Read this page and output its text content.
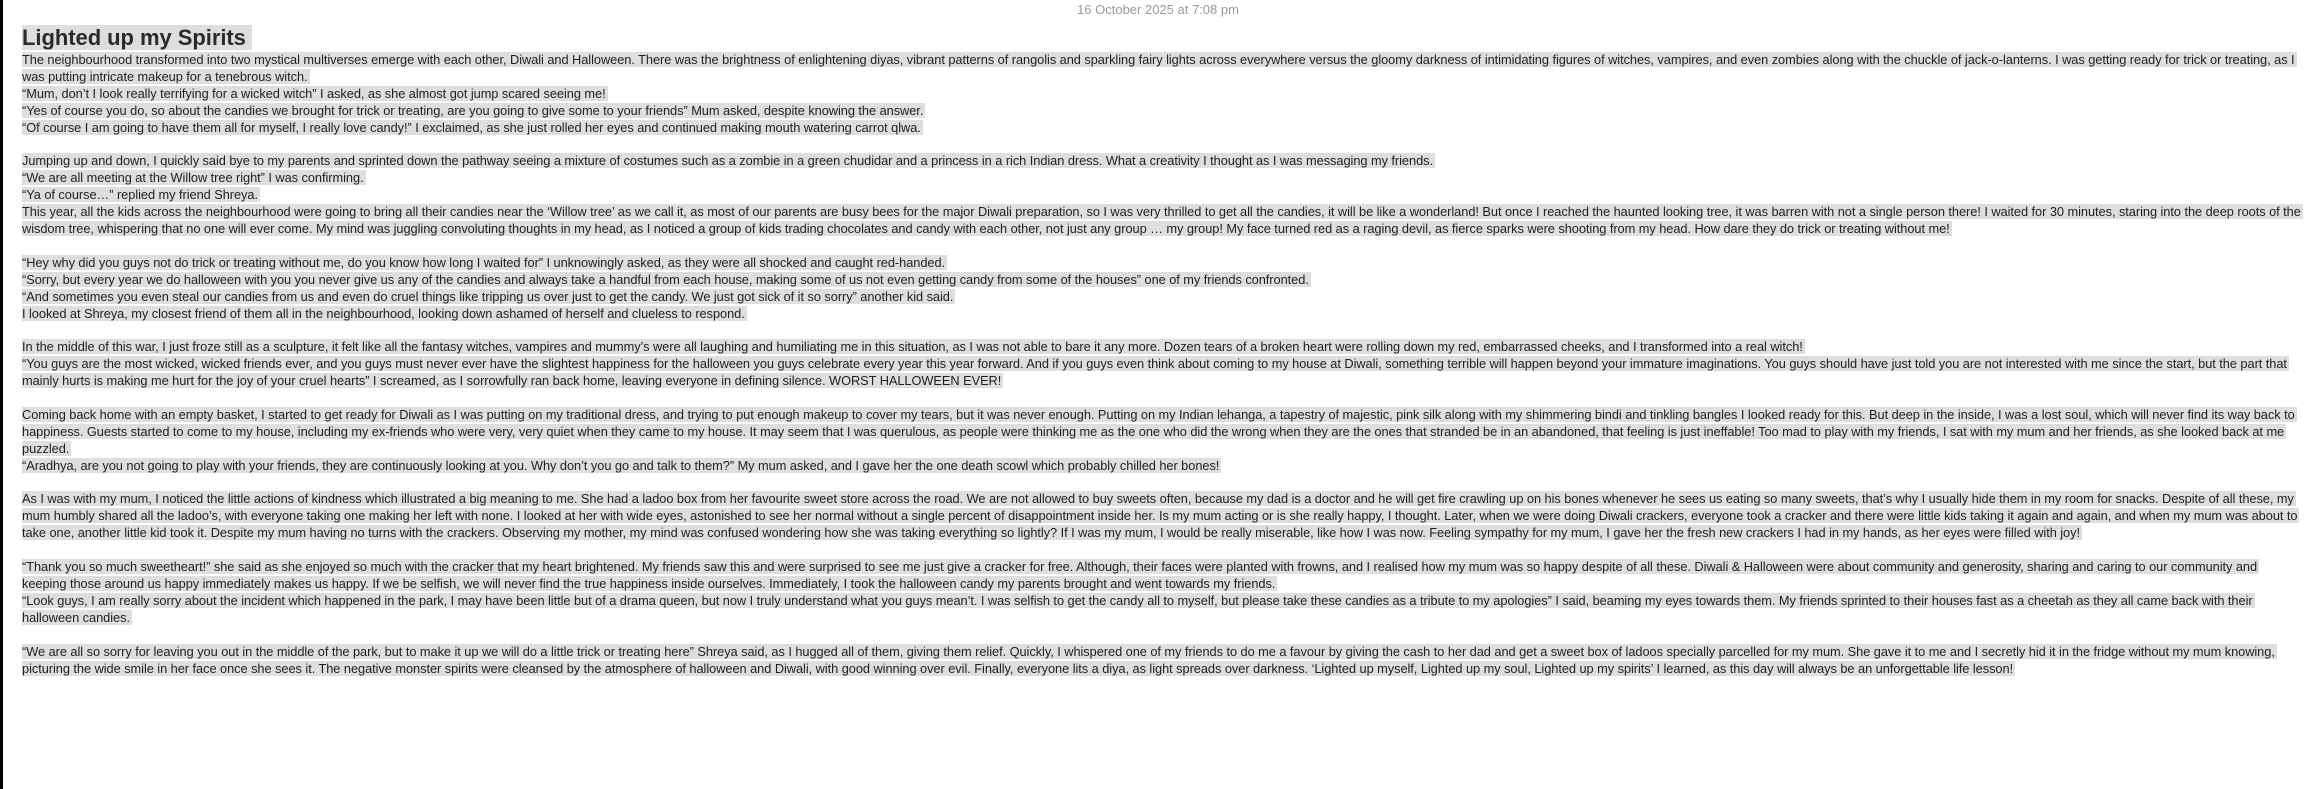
16 October 2025 at 7:08 pm
Lighted up my Spirits
The neighbourhood transformed into two mystical multiverses emerge with each other, Diwali and Halloween. There was the brightness of enlightening diyas, vibrant patterns of rangolis and sparkling fairy lights across everywhere versus the gloomy darkness of intimidating figures of witches, vampires, and even zombies along with the chuckle of jack-o-lanterns. I was getting ready for trick or treating, as I was putting intricate makeup for a tenebrous witch.
“Mum, don’t I look really terrifying for a wicked witch” I asked, as she almost got jump scared seeing me!
“Yes of course you do, so about the candies we brought for trick or treating, are you going to give some to your friends” Mum asked, despite knowing the answer.
“Of course I am going to have them all for myself, I really love candy!” I exclaimed, as she just rolled her eyes and continued making mouth watering carrot qlwa.
Jumping up and down, I quickly said bye to my parents and sprinted down the pathway seeing a mixture of costumes such as a zombie in a green chudidar and a princess in a rich Indian dress. What a creativity I thought as I was messaging my friends.
“We are all meeting at the Willow tree right” I was confirming.
“Ya of course…” replied my friend Shreya.
This year, all the kids across the neighbourhood were going to bring all their candies near the ‘Willow tree’ as we call it, as most of our parents are busy bees for the major Diwali preparation, so I was very thrilled to get all the candies, it will be like a wonderland! But once I reached the haunted looking tree, it was barren with not a single person there! I waited for 30 minutes, staring into the deep roots of the wisdom tree, whispering that no one will ever come. My mind was juggling convoluting thoughts in my head, as I noticed a group of kids trading chocolates and candy with each other, not just any group … my group! My face turned red as a raging devil, as fierce sparks were shooting from my head. How dare they do trick or treating without me!
“Hey why did you guys not do trick or treating without me, do you know how long I waited for” I unknowingly asked, as they were all shocked and caught red-handed.
“Sorry, but every year we do halloween with you you never give us any of the candies and always take a handful from each house, making some of us not even getting candy from some of the houses” one of my friends confronted.
“And sometimes you even steal our candies from us and even do cruel things like tripping us over just to get the candy. We just got sick of it so sorry” another kid said.
I looked at Shreya, my closest friend of them all in the neighbourhood, looking down ashamed of herself and clueless to respond.
In the middle of this war, I just froze still as a sculpture, it felt like all the fantasy witches, vampires and mummy’s were all laughing and humiliating me in this situation, as I was not able to bare it any more. Dozen tears of a broken heart were rolling down my red, embarrassed cheeks, and I transformed into a real witch!
“You guys are the most wicked, wicked friends ever, and you guys must never ever have the slightest happiness for the halloween you guys celebrate every year this year forward. And if you guys even think about coming to my house at Diwali, something terrible will happen beyond your immature imaginations. You guys should have just told you are not interested with me since the start, but the part that mainly hurts is making me hurt for the joy of your cruel hearts” I screamed, as I sorrowfully ran back home, leaving everyone in defining silence. WORST HALLOWEEN EVER!
Coming back home with an empty basket, I started to get ready for Diwali as I was putting on my traditional dress, and trying to put enough makeup to cover my tears, but it was never enough. Putting on my Indian lehanga, a tapestry of majestic, pink silk along with my shimmering bindi and tinkling bangles I looked ready for this. But deep in the inside, I was a lost soul, which will never find its way back to happiness. Guests started to come to my house, including my ex-friends who were very, very quiet when they came to my house. It may seem that I was querulous, as people were thinking me as the one who did the wrong when they are the ones that stranded be in an abandoned, that feeling is just ineffable! Too mad to play with my friends, I sat with my mum and her friends, as she looked back at me puzzled.
“Aradhya, are you not going to play with your friends, they are continuously looking at you. Why don’t you go and talk to them?” My mum asked, and I gave her the one death scowl which probably chilled her bones!
As I was with my mum, I noticed the little actions of kindness which illustrated a big meaning to me. She had a ladoo box from her favourite sweet store across the road. We are not allowed to buy sweets often, because my dad is a doctor and he will get fire crawling up on his bones whenever he sees us eating so many sweets, that’s why I usually hide them in my room for snacks. Despite of all these, my mum humbly shared all the ladoo’s, with everyone taking one making her left with none. I looked at her with wide eyes, astonished to see her normal without a single percent of disappointment inside her. Is my mum acting or is she really happy, I thought. Later, when we were doing Diwali crackers, everyone took a cracker and there were little kids taking it again and again, and when my mum was about to take one, another little kid took it. Despite my mum having no turns with the crackers. Observing my mother, my mind was confused wondering how she was taking everything so lightly? If I was my mum, I would be really miserable, like how I was now. Feeling sympathy for my mum, I gave her the fresh new crackers I had in my hands, as her eyes were filled with joy!
“Thank you so much sweetheart!” she said as she enjoyed so much with the cracker that my heart brightened. My friends saw this and were surprised to see me just give a cracker for free. Although, their faces were planted with frowns, and I realised how my mum was so happy despite of all these. Diwali & Halloween were about community and generosity, sharing and caring to our community and keeping those around us happy immediately makes us happy. If we be selfish, we will never find the true happiness inside ourselves. Immediately, I took the halloween candy my parents brought and went towards my friends.
“Look guys, I am really sorry about the incident which happened in the park, I may have been little but of a drama queen, but now I truly understand what you guys mean’t. I was selfish to get the candy all to myself, but please take these candies as a tribute to my apologies” I said, beaming my eyes towards them. My friends sprinted to their houses fast as a cheetah as they all came back with their halloween candies.
“We are all so sorry for leaving you out in the middle of the park, but to make it up we will do a little trick or treating here” Shreya said, as I hugged all of them, giving them relief. Quickly, I whispered one of my friends to do me a favour by giving the cash to her dad and get a sweet box of ladoos specially parcelled for my mum. She gave it to me and I secretly hid it in the fridge without my mum knowing, picturing the wide smile in her face once she sees it. The negative monster spirits were cleansed by the atmosphere of halloween and Diwali, with good winning over evil. Finally, everyone lits a diya, as light spreads over darkness. ‘Lighted up myself, Lighted up my soul, Lighted up my spirits’ I learned, as this day will always be an unforgettable life lesson!
